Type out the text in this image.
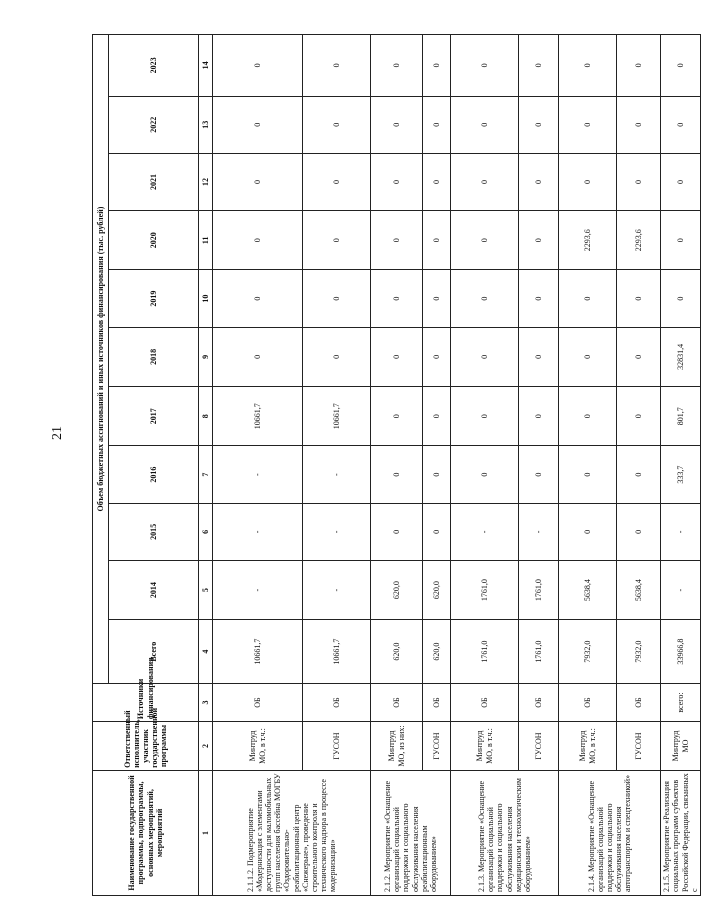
21
Наименование государственной программы, подпрограммы, основных мероприятий, мероприятий	Ответственный исполнитель, участник государственной программы	Источники финансирования	Объем бюджетных ассигнований и иных источников финансирования (тыс. рублей)										
			Всего	2014	2015	2016	2017	2018	2019	2020	2021	2022	2023
1	2	3	4	5	6	7	8	9	10	11	12	13	14
2.1.1.2. Подмероприятие «Модернизация с элементами доступности для маломобильных групп населения бассейна МОГБУ «Оздоровительно-реабилитационный центр «Снежерьне», проведение строительного контроля и технического надзора в процессе модернизации»	Минтруд МО, в т.ч.:	ОБ	10661,7	-	-	-	10661,7	0	0	0	0	0	0
	ГУСОН	ОБ	10661,7	-	-	-	10661,7	0	0	0	0	0	0
2.1.2. Мероприятие «Оснащение организаций социальной поддержки и социального обслуживания населения реабилитационным оборудованием»	Минтруд МО, из них:	ОБ	620,0	620,0	0	0	0	0	0	0	0	0	0
	ГУСОН	ОБ	620,0	620,0	0	0	0	0	0	0	0	0	0
2.1.3. Мероприятие «Оснащение организаций социальной поддержки и социального обслуживания населения медицинским и технологическим оборудованием»	Минтруд МО, в т.ч.:	ОБ	1761,0	1761,0	-	0	0	0	0	0	0	0	0
	ГУСОН	ОБ	1761,0	1761,0	-	0	0	0	0	0	0	0	0
2.1.4. Мероприятие «Оснащение организаций социальной поддержки и социального обслуживания населения автотранспортом и спецтехникой»	Минтруд МО, в т.ч.:	ОБ	7932,0	5638,4	0	0	0	0	0	2293,6	0	0	0
	ГУСОН	ОБ	7932,0	5638,4	0	0	0	0	0	2293,6	0	0	0
2.1.5. Мероприятие «Реализация социальных программ субъектов Российской Федерации, связанных с	Минтруд МО	всего:	33966,8	-	-	333,7	801,7	32831,4	0	0	0	0	0
